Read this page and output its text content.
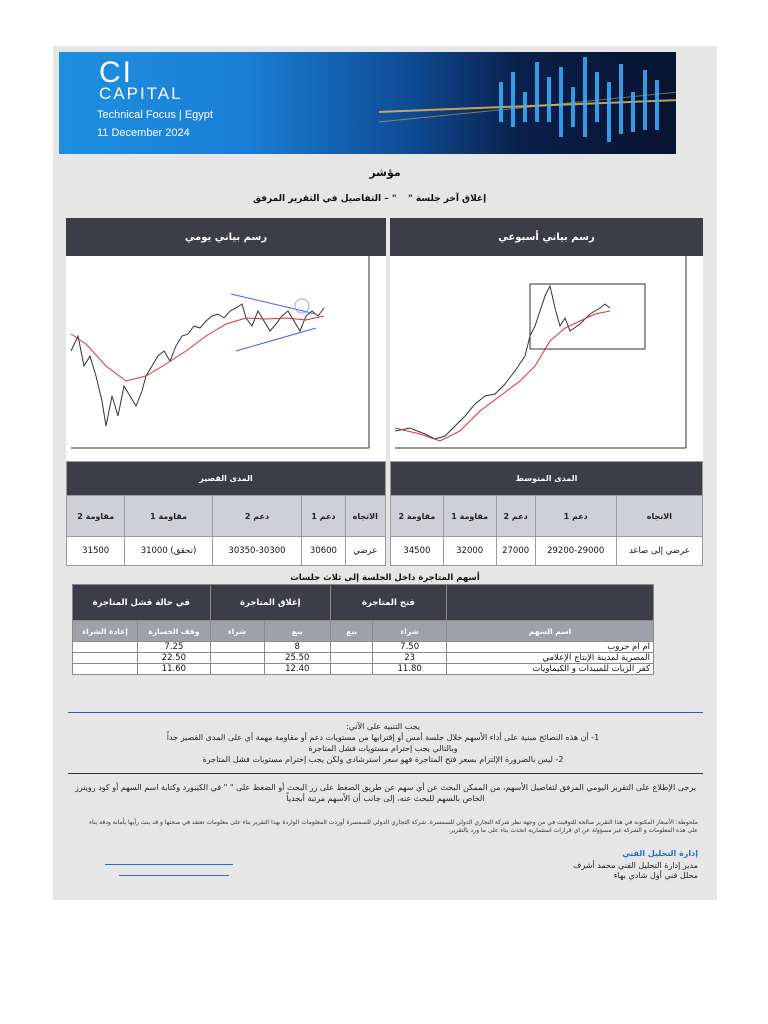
CI
CAPITAL
Technical Focus | Egypt
11 December 2024
مؤشر
إغلاق آخر جلسة "
" – التفاصيل في التقرير المرفق
رسم بياني يومي	رسم بياني أسبوعي
المدى القصير				
مقاومة 2	مقاومة 1	دعم 2	دعم 1	الاتجاه
31500	31000 (تحقق)	30350-30300	30600	عرضي
المدى المتوسط				
مقاومة 2	مقاومة 1	دعم 2	دعم 1	الاتجاه
34500	32000	27000	29200-29000	عرضي إلى صاعد
أسهم المتاجرة داخل الجلسة إلى ثلاث جلسات
في حالة فشل المتاجرة		إغلاق المتاجرة		فتح المتاجرة		
إعادة الشراء	وقف الخسارة	شراء	بيع	بيع	شراء	اسم السهم
	7.25		8		7.50	ام ام جروب
	22.50		25.50		23	المصرية لمدينة الإنتاج الإعلامي
	11.60		12.40		11.80	كفر الزيات للمبيدات و الكيماويات
يجب التنبيه على الآتي:
1- أن هذه النصائح مبنية على أداء الأسهم خلال جلسة أمس أو إقترابها من مستويات دعم أو مقاومة مهمة أي على المدى القصير جداً
وبالتالي يجب إحترام مستويات فشل المتاجرة
2- ليس بالضرورة الإلتزام بسعر فتح المتاجرة فهو سعر استرشادي ولكن يجب إحترام مستويات فشل المتاجرة
يرجى الإطلاع على التقرير اليومي المرفق لتفاصيل الأسهم، من الممكن البحث عن أي سهم عن طريق الضغط على زر البحث أو الضغط على " " في الكيبورد وكتابة اسم السهم أو كود رويترز
الخاص بالسهم للبحث عنه، إلى جانب أن الأسهم مرتبة أبجدياً
ملحوظة: الأسعار المكتوبة في هذا التقرير صالحة للتوقيت في من وجهة نظر شركة التجاري الدولي للسمسرة. شركة التجاري الدولي للسمسرة أوردت المعلومات الواردة بهذا التقرير بناء على معلومات تعتقد في صحتها و قد بنت رأيها بأمانة ودقة بناء
على هذه المعلومات و الشركة غير مسؤولة عن اي قرارات استثمارية اتخذت بناء على ما ورد بالتقرير.
إدارة التحليل الفني
مدير إدارة التحليل الفني محمد أشرف
محلل فني أول شادي بهاء
